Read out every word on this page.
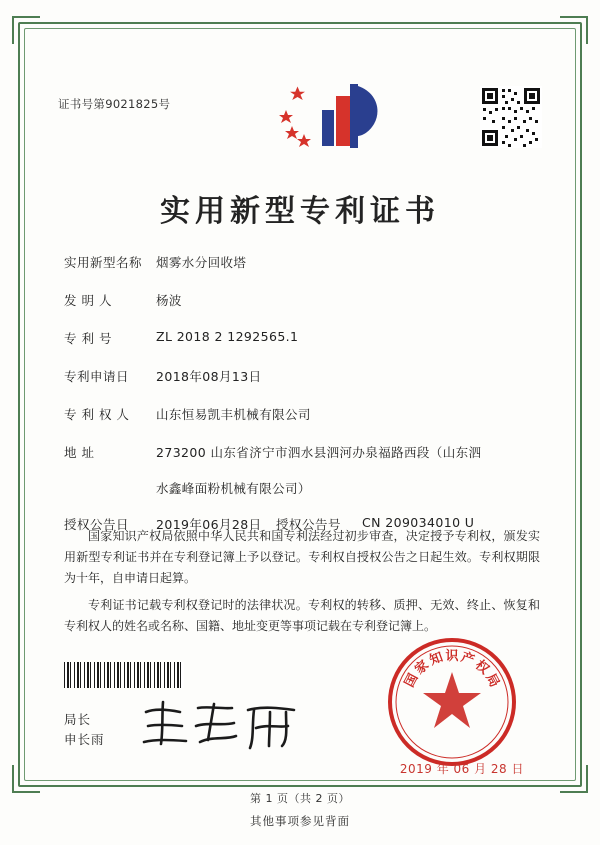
证书号第9021825号
实用新型专利证书
实用新型名称	烟雾水分回收塔
发 明 人	杨波
专 利 号	ZL 2018 2 1292565.1
专利申请日	2018年08月13日
专 利 权 人	山东恒易凯丰机械有限公司
地 址	273200 山东省济宁市泗水县泗河办泉福路西段（山东泗
水鑫峰面粉机械有限公司）
授权公告日	2019年06月28日	授权公告号	CN 209034010 U

国家知识产权局依照中华人民共和国专利法经过初步审查，决定授予专利权，颁发实用新型专利证书并在专利登记簿上予以登记。专利权自授权公告之日起生效。专利权期限为十年，自申请日起算。

专利证书记载专利权登记时的法律状况。专利权的转移、质押、无效、终止、恢复和专利权人的姓名或名称、国籍、地址变更等事项记载在专利登记簿上。

局长
申长雨
国
家
知 识 产
权
局
2019 年 06 月 28 日
第 1 页（共 2 页）
其他事项参见背面
